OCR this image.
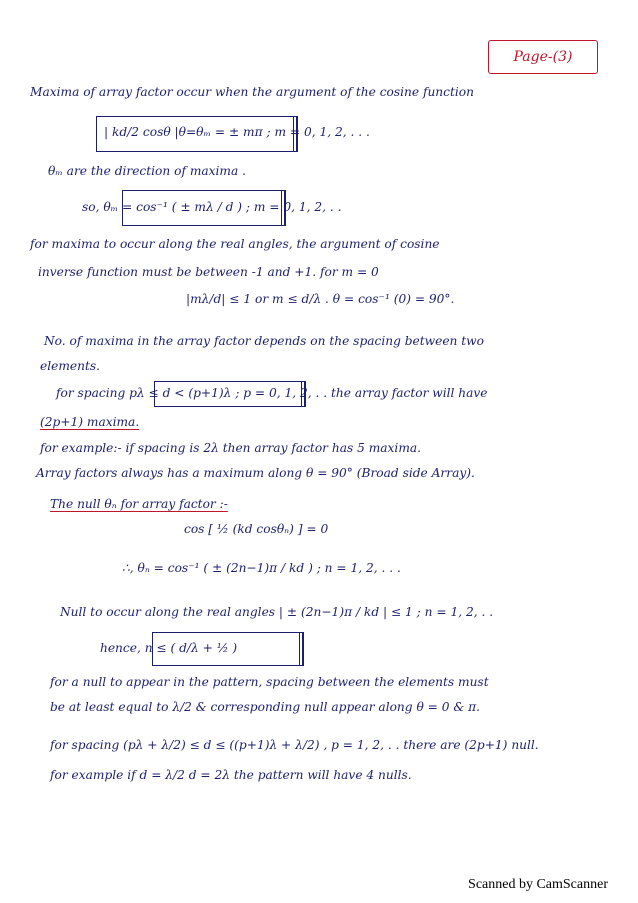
Page-(3)
Maxima of array factor occur when the argument of the cosine function
| kd/2 cosθ |θ=θₘ = ± mπ ; m = 0, 1, 2, . . .
θₘ are the direction of maxima .
so, θₘ = cos⁻¹ ( ± mλ / d ) ; m = 0, 1, 2, . .
for maxima to occur along the real angles, the argument of cosine
inverse function must be between -1 and +1. for m = 0
|mλ/d| ≤ 1 or m ≤ d/λ . θ = cos⁻¹ (0) = 90°.
No. of maxima in the array factor depends on the spacing between two
elements.
for spacing pλ ≤ d < (p+1)λ ; p = 0, 1, 2, . . the array factor will have
(2p+1) maxima.
for example:- if spacing is 2λ then array factor has 5 maxima.
Array factors always has a maximum along θ = 90° (Broad side Array).
The null θₙ for array factor :-
cos [ ½ (kd cosθₙ) ] = 0
∴, θₙ = cos⁻¹ ( ± (2n−1)π / kd ) ; n = 1, 2, . . .
Null to occur along the real angles | ± (2n−1)π / kd | ≤ 1 ; n = 1, 2, . .
hence, n ≤ ( d/λ + ½ )
for a null to appear in the pattern, spacing between the elements must
be at least equal to λ/2 & corresponding null appear along θ = 0 & π.
for spacing (pλ + λ/2) ≤ d ≤ ((p+1)λ + λ/2) , p = 1, 2, . . there are (2p+1) null.
for example if d = λ/2 d = 2λ the pattern will have 4 nulls.
Scanned by CamScanner
